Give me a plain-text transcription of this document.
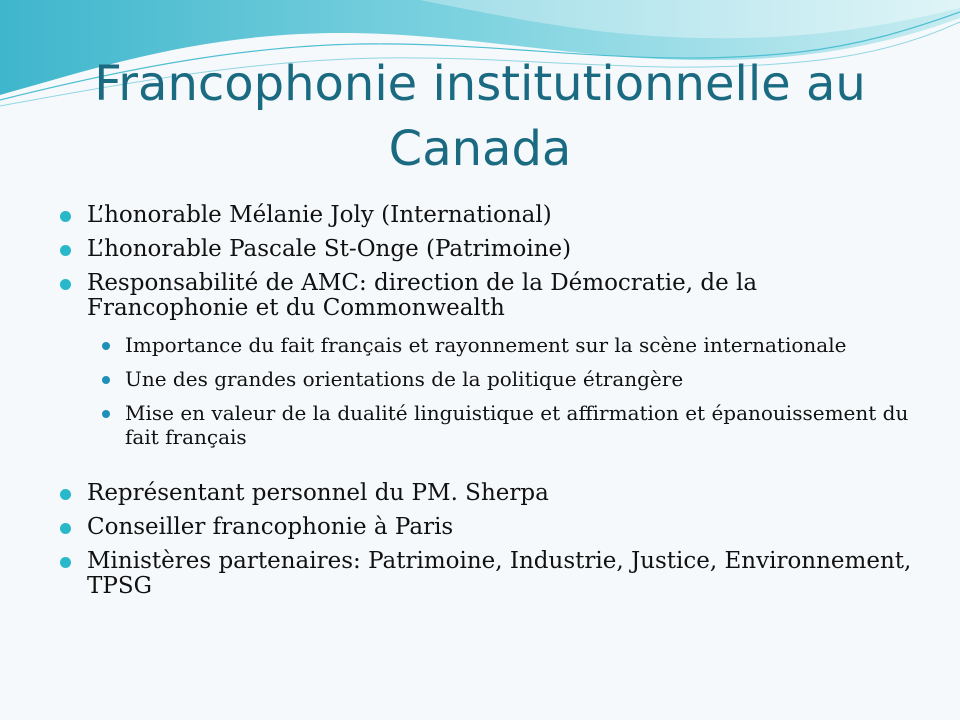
Francophonie institutionnelle au Canada
L’honorable Mélanie Joly (International)
L’honorable Pascale St-Onge (Patrimoine)
Responsabilité de AMC: direction de la Démocratie, de la Francophonie et du Commonwealth
Importance du fait français et rayonnement sur la scène internationale
Une des grandes orientations de la politique étrangère
Mise en valeur de la dualité linguistique et affirmation et épanouissement du fait français
Représentant personnel du PM. Sherpa
Conseiller francophonie à Paris
Ministères partenaires: Patrimoine, Industrie, Justice, Environnement, TPSG
